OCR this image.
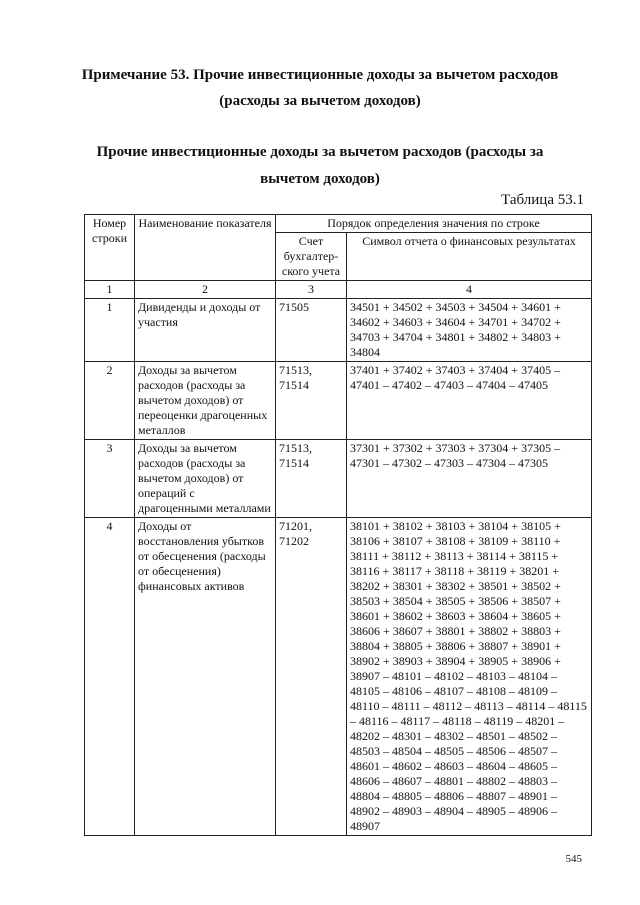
Примечание 53. Прочие инвестиционные доходы за вычетом расходов
(расходы за вычетом доходов)
Прочие инвестиционные доходы за вычетом расходов (расходы за
вычетом доходов)
Таблица 53.1
Номер строки	Наименование показателя	Порядок определения значения по строке	
		Счет бухгалтер-ского учета	Символ отчета о финансовых результатах
1	2	3	4
1	Дивиденды и доходы от участия	71505	34501 + 34502 + 34503 + 34504 + 34601 + 34602 + 34603 + 34604 + 34701 + 34702 + 34703 + 34704 + 34801 + 34802 + 34803 + 34804
2	Доходы за вычетом расходов (расходы за вычетом доходов) от переоценки драгоценных металлов	71513, 71514	37401 + 37402 + 37403 + 37404 + 37405 – 47401 – 47402 – 47403 – 47404 – 47405
3	Доходы за вычетом расходов (расходы за вычетом доходов) от операций с драгоценными металлами	71513, 71514	37301 + 37302 + 37303 + 37304 + 37305 – 47301 – 47302 – 47303 – 47304 – 47305
4	Доходы от восстановления убытков от обесценения (расходы от обесценения) финансовых активов	71201, 71202	38101 + 38102 + 38103 + 38104 + 38105 + 38106 + 38107 + 38108 + 38109 + 38110 + 38111 + 38112 + 38113 + 38114 + 38115 + 38116 + 38117 + 38118 + 38119 + 38201 + 38202 + 38301 + 38302 + 38501 + 38502 + 38503 + 38504 + 38505 + 38506 + 38507 + 38601 + 38602 + 38603 + 38604 + 38605 + 38606 + 38607 + 38801 + 38802 + 38803 + 38804 + 38805 + 38806 + 38807 + 38901 + 38902 + 38903 + 38904 + 38905 + 38906 + 38907 – 48101 – 48102 – 48103 – 48104 – 48105 – 48106 – 48107 – 48108 – 48109 – 48110 – 48111 – 48112 – 48113 – 48114 – 48115 – 48116 – 48117 – 48118 – 48119 – 48201 – 48202 – 48301 – 48302 – 48501 – 48502 – 48503 – 48504 – 48505 – 48506 – 48507 – 48601 – 48602 – 48603 – 48604 – 48605 – 48606 – 48607 – 48801 – 48802 – 48803 – 48804 – 48805 – 48806 – 48807 – 48901 – 48902 – 48903 – 48904 – 48905 – 48906 – 48907
545
